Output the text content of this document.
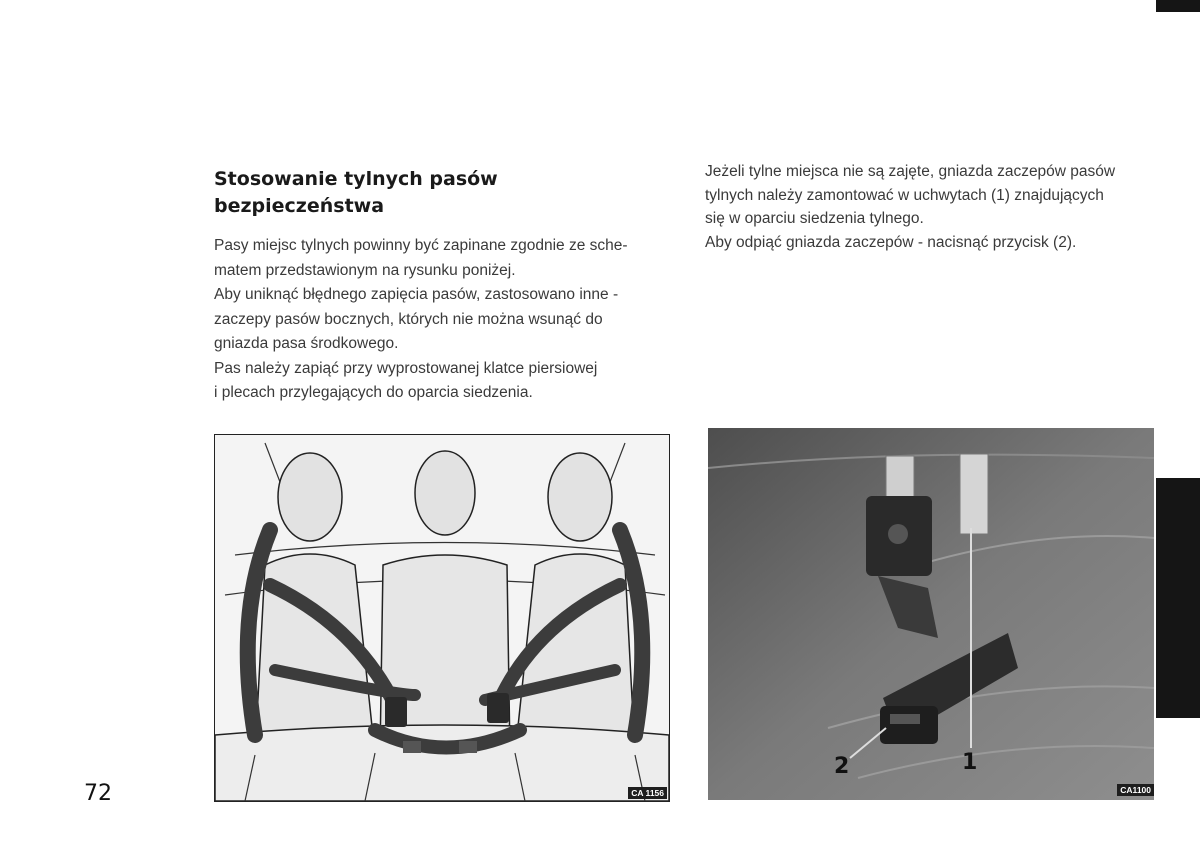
Stosowanie tylnych pasów
bezpieczeństwa
Pasy miejsc tylnych powinny być zapinane zgodnie ze sche-
matem przedstawionym na rysunku poniżej.
Aby uniknąć błędnego zapięcia pasów, zastosowano inne -
zaczepy pasów bocznych, których nie można wsunąć do
gniazda pasa środkowego.
Pas należy zapiąć przy wyprostowanej klatce piersiowej
i plecach przylegających do oparcia siedzenia.
Jeżeli tylne miejsca nie są zajęte, gniazda zaczepów pasów
tylnych należy zamontować w uchwytach (1) znajdujących
się w oparciu siedzenia tylnego.
Aby odpiąć gniazda zaczepów - nacisnąć przycisk (2).
CA 1156
1
2
CA1100
72
